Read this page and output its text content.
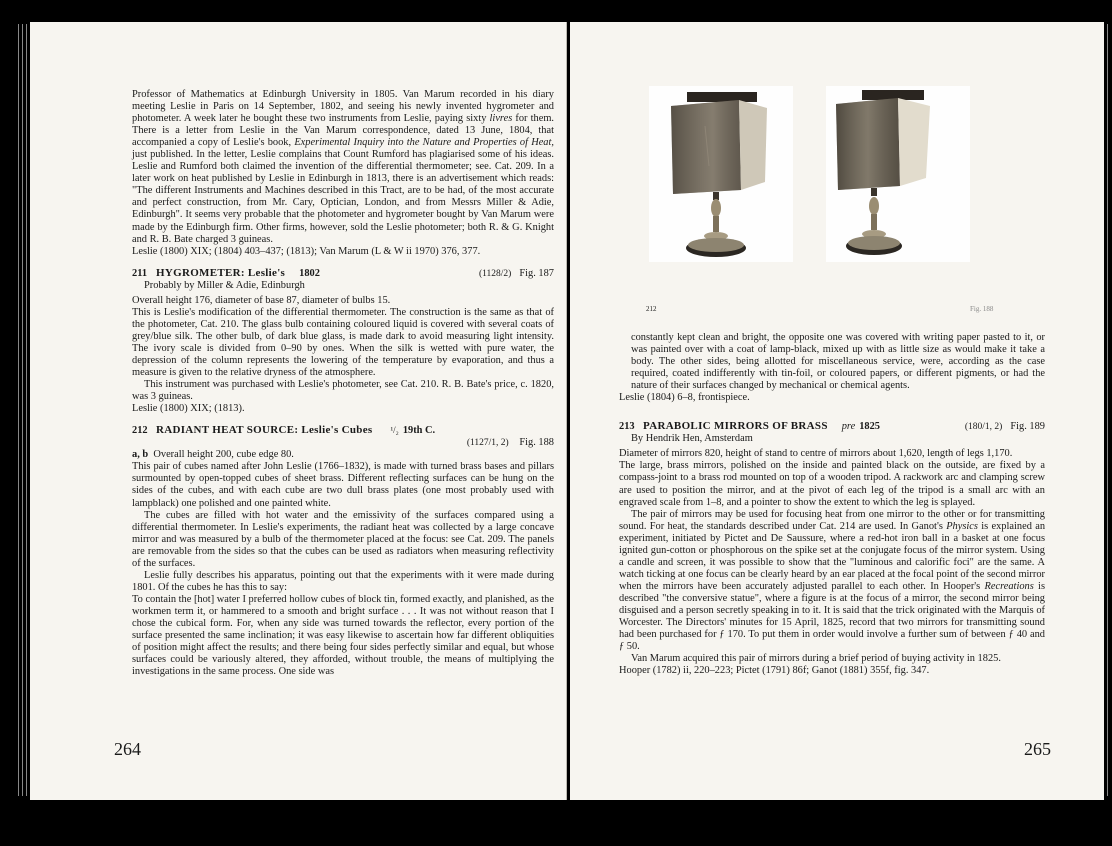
Professor of Mathematics at Edinburgh University in 1805. Van Marum recorded in his diary meeting Leslie in Paris on 14 September, 1802, and seeing his newly invented hygrometer and photometer. A week later he bought these two instruments from Leslie, paying sixty livres for them. There is a letter from Leslie in the Van Marum correspondence, dated 13 June, 1804, that accompanied a copy of Leslie's book, Experimental Inquiry into the Nature and Properties of Heat, just published. In the letter, Leslie complains that Count Rumford has plagiarised some of his ideas. Leslie and Rumford both claimed the invention of the differential thermometer; see. Cat. 209. In a later work on heat published by Leslie in Edinburgh in 1813, there is an advertisement which reads: "The different Instruments and Machines described in this Tract, are to be had, of the most accurate and perfect construction, from Mr. Cary, Optician, London, and from Messrs Miller & Adie, Edinburgh". It seems very probable that the photometer and hygrometer bought by Van Marum were made by the Edinburgh firm. Other firms, however, sold the Leslie photometer; both R. & G. Knight and R. B. Bate charged 3 guineas.

Leslie (1800) XIX; (1804) 403–437; (1813); Van Marum (L & W ii 1970) 376, 377.

211 HYGROMETER: Leslie's 1802	(1128/2) Fig. 187
Probably by Miller & Adie, Edinburgh

Overall height 176, diameter of base 87, diameter of bulbs 15.

This is Leslie's modification of the differential thermometer. The construction is the same as that of the photometer, Cat. 210. The glass bulb containing coloured liquid is covered with several coats of grey/blue silk. The other bulb, of dark blue glass, is made dark to avoid measuring light intensity. The ivory scale is divided from 0–90 by ones. When the silk is wetted with pure water, the depression of the column represents the lowering of the temperature by evaporation, and thus a measure is given to the relative dryness of the atmosphere.

This instrument was purchased with Leslie's photometer, see Cat. 210. R. B. Bate's price, c. 1820, was 3 guineas.

Leslie (1800) XIX; (1813).

212 RADIANT HEAT SOURCE: Leslie's Cubes ¹/₂ 19th C.
(1127/1, 2) Fig. 188

a, b Overall height 200, cube edge 80.

This pair of cubes named after John Leslie (1766–1832), is made with turned brass bases and pillars surmounted by open-topped cubes of sheet brass. Different reflecting surfaces can be hung on the sides of the cubes, and with each cube are two dull brass plates (one most probably used with lampblack) one polished and one painted white.

The cubes are filled with hot water and the emissivity of the surfaces compared using a differential thermometer. In Leslie's experiments, the radiant heat was collected by a large concave mirror and was measured by a bulb of the thermometer placed at the focus: see Cat. 209. The panels are removable from the sides so that the cubes can be used as radiators when measuring reflectivity of the surfaces.

Leslie fully describes his apparatus, pointing out that the experiments with it were made during 1801. Of the cubes he has this to say:

To contain the [hot] water I preferred hollow cubes of block tin, formed exactly, and planished, as the workmen term it, or hammered to a smooth and bright surface . . . It was not without reason that I chose the cubical form. For, when any side was turned towards the reflector, every portion of the surface presented the same inclination; it was easy likewise to ascertain how far different obliquities of position might affect the results; and there being four sides perfectly similar and equal, but whose surfaces could be variously altered, they afforded, without trouble, the means of multiplying the investigations in the same process. One side was

264
212	Fig. 188

constantly kept clean and bright, the opposite one was covered with writing paper pasted to it, or was painted over with a coat of lamp-black, mixed up with as little size as would make it take a body. The other sides, being allotted for miscellaneous service, were, according as the case required, coated indifferently with tin-foil, or coloured papers, or different pigments, or had the nature of their surfaces changed by mechanical or chemical agents.

Leslie (1804) 6–8, frontispiece.

213 PARABOLIC MIRRORS OF BRASS pre 1825	(180/1, 2) Fig. 189
By Hendrik Hen, Amsterdam

Diameter of mirrors 820, height of stand to centre of mirrors about 1,620, length of legs 1,170.

The large, brass mirrors, polished on the inside and painted black on the outside, are fixed by a compass-joint to a brass rod mounted on top of a wooden tripod. A rackwork arc and clamping screw are used to position the mirror, and at the pivot of each leg of the tripod is a small arc with an engraved scale from 1–8, and a pointer to show the extent to which the leg is splayed.

The pair of mirrors may be used for focusing heat from one mirror to the other or for transmitting sound. For heat, the standards described under Cat. 214 are used. In Ganot's Physics is explained an experiment, initiated by Pictet and De Saussure, where a red-hot iron ball in a basket at one focus ignited gun-cotton or phosphorous on the spike set at the conjugate focus of the mirror system. Using a candle and screen, it was possible to show that the "luminous and calorific foci" are the same. A watch ticking at one focus can be clearly heard by an ear placed at the focal point of the second mirror when the mirrors have been accurately adjusted parallel to each other. In Hooper's Recreations is described "the conversive statue", where a figure is at the focus of a mirror, the second mirror being disguised and a person secretly speaking in to it. It is said that the trick originated with the Marquis of Worcester. The Directors' minutes for 15 April, 1825, record that two mirrors for transmitting sound had been purchased for ƒ 170. To put them in order would involve a further sum of between ƒ 40 and ƒ 50.

Van Marum acquired this pair of mirrors during a brief period of buying activity in 1825.

Hooper (1782) ii, 220–223; Pictet (1791) 86f; Ganot (1881) 355f, fig. 347.

265
